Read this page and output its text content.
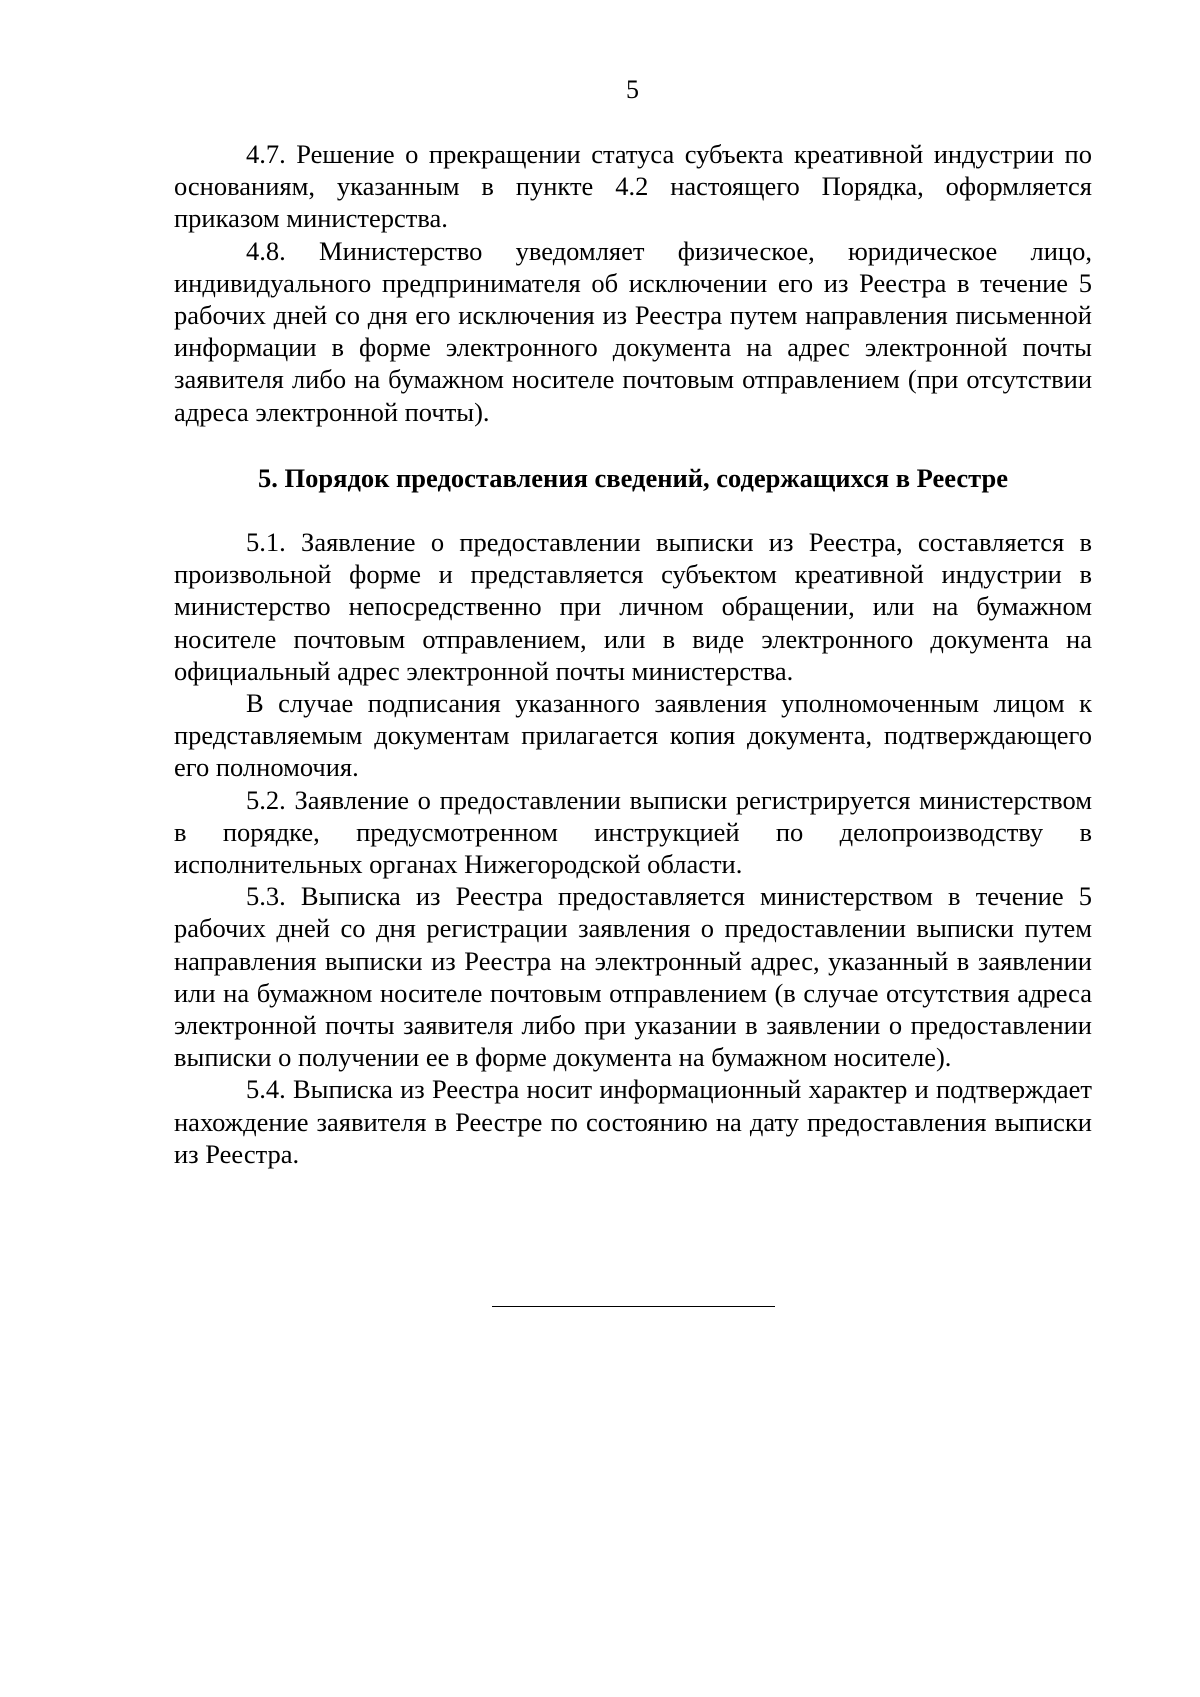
5

4.7. Решение о прекращении статуса субъекта креативной индустрии по основаниям, указанным в пункте 4.2 настоящего Порядка, оформляется приказом министерства.

4.8. Министерство уведомляет физическое, юридическое лицо, индивидуального предпринимателя об исключении его из Реестра в течение 5 рабочих дней со дня его исключения из Реестра путем направления письменной информации в форме электронного документа на адрес электронной почты заявителя либо на бумажном носителе почтовым отправлением (при отсутствии адреса электронной почты).

5. Порядок предоставления сведений, содержащихся в Реестре

5.1. Заявление о предоставлении выписки из Реестра, составляется в произвольной форме и представляется субъектом креативной индустрии в министерство непосредственно при личном обращении, или на бумажном носителе почтовым отправлением, или в виде электронного документа на официальный адрес электронной почты министерства.

В случае подписания указанного заявления уполномоченным лицом к представляемым документам прилагается копия документа, подтверждающего его полномочия.

5.2. Заявление о предоставлении выписки регистрируется министерством в порядке, предусмотренном инструкцией по делопроизводству в исполнительных органах Нижегородской области.

5.3. Выписка из Реестра предоставляется министерством в течение 5 рабочих дней со дня регистрации заявления о предоставлении выписки путем направления выписки из Реестра на электронный адрес, указанный в заявлении или на бумажном носителе почтовым отправлением (в случае отсутствия адреса электронной почты заявителя либо при указании в заявлении о предоставлении выписки о получении ее в форме документа на бумажном носителе).

5.4. Выписка из Реестра носит информационный характер и подтверждает нахождение заявителя в Реестре по состоянию на дату предоставления выписки из Реестра.
